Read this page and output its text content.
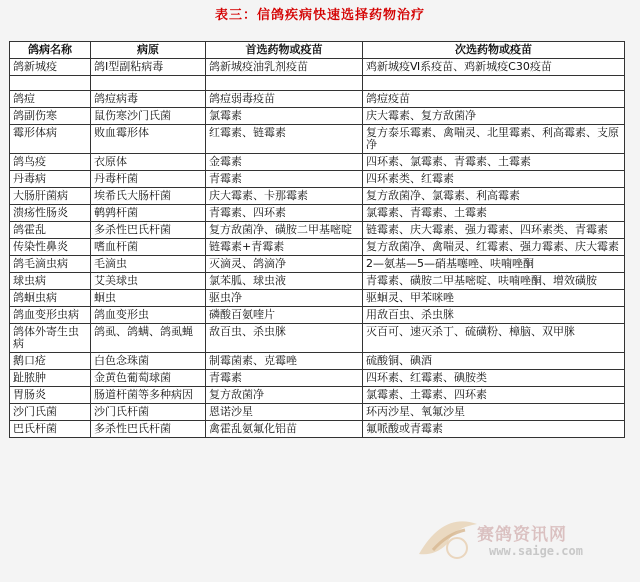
表三：信鸽疾病快速选择药物治疗
鸽病名称	病原	首选药物或疫苗	次选药物或疫苗
鸽新城疫	鸽Ⅰ型副粘病毒	鸽新城疫油乳剂疫苗	鸡新城疫Ⅵ系疫苗、鸡新城疫C30疫苗

鸽痘	鸽痘病毒	鸽痘弱毒疫苗	鸽痘疫苗
鸽副伤寒	鼠伤寒沙门氏菌	氯霉素	庆大霉素、复方敌菌净
霉形体病	败血霉形体	红霉素、链霉素	复方泰乐霉素、禽喘灵、北里霉素、利高霉素、支原净
鸽鸟疫	衣原体	金霉素	四环素、氯霉素、青霉素、土霉素
丹毒病	丹毒杆菌	青霉素	四环素类、红霉素
大肠肝菌病	埃希氏大肠杆菌	庆大霉素、卡那霉素	复方敌菌净、氯霉素、利高霉素
溃疡性肠炎	鹌鹑杆菌	青霉素、四环素	氯霉素、青霉素、土霉素
鸽霍乱	多杀性巴氏杆菌	复方敌菌净、磺胺二甲基嘧啶	链霉素、庆大霉素、强力霉素、四环素类、青霉素
传染性鼻炎	嗜血杆菌	链霉素+青霉素	复方敌菌净、禽喘灵、红霉素、强力霉素、庆大霉素
鸽毛滴虫病	毛滴虫	灭滴灵、鸽滴净	2—氨基—5—硝基噻唑、呋喃唑酮
球虫病	艾美球虫	氯苯胍、球虫液	青霉素、磺胺二甲基嘧啶、呋喃唑酮、增效磺胺
鸽蛔虫病	蛔虫	驱虫净	驱蛔灵、甲苯咪唑
鸽血变形虫病	鸽血变形虫	磷酸百氨喹片	用敌百虫、杀虫脒
鸽体外寄生虫病	鸽虱、鸽螨、鸽虱蝇	敌百虫、杀虫脒	灭百可、速灭杀丁、硫磺粉、樟脑、双甲脒
鹅口疮	白色念珠菌	制霉菌素、克霉唑	硫酸铜、碘酒
趾脓肿	金黄色葡萄球菌	青霉素	四环素、红霉素、碘胺类
胃肠炎	肠道杆菌等多种病因	复方敌菌净	氯霉素、土霉素、四环素
沙门氏菌	沙门氏杆菌	恩诺沙星	环丙沙星、氧氟沙星
巴氏杆菌	多杀性巴氏杆菌	禽霍乱氨氟化铝苗	氟哌酸或青霉素
赛鸽资讯网
www.saige.com
